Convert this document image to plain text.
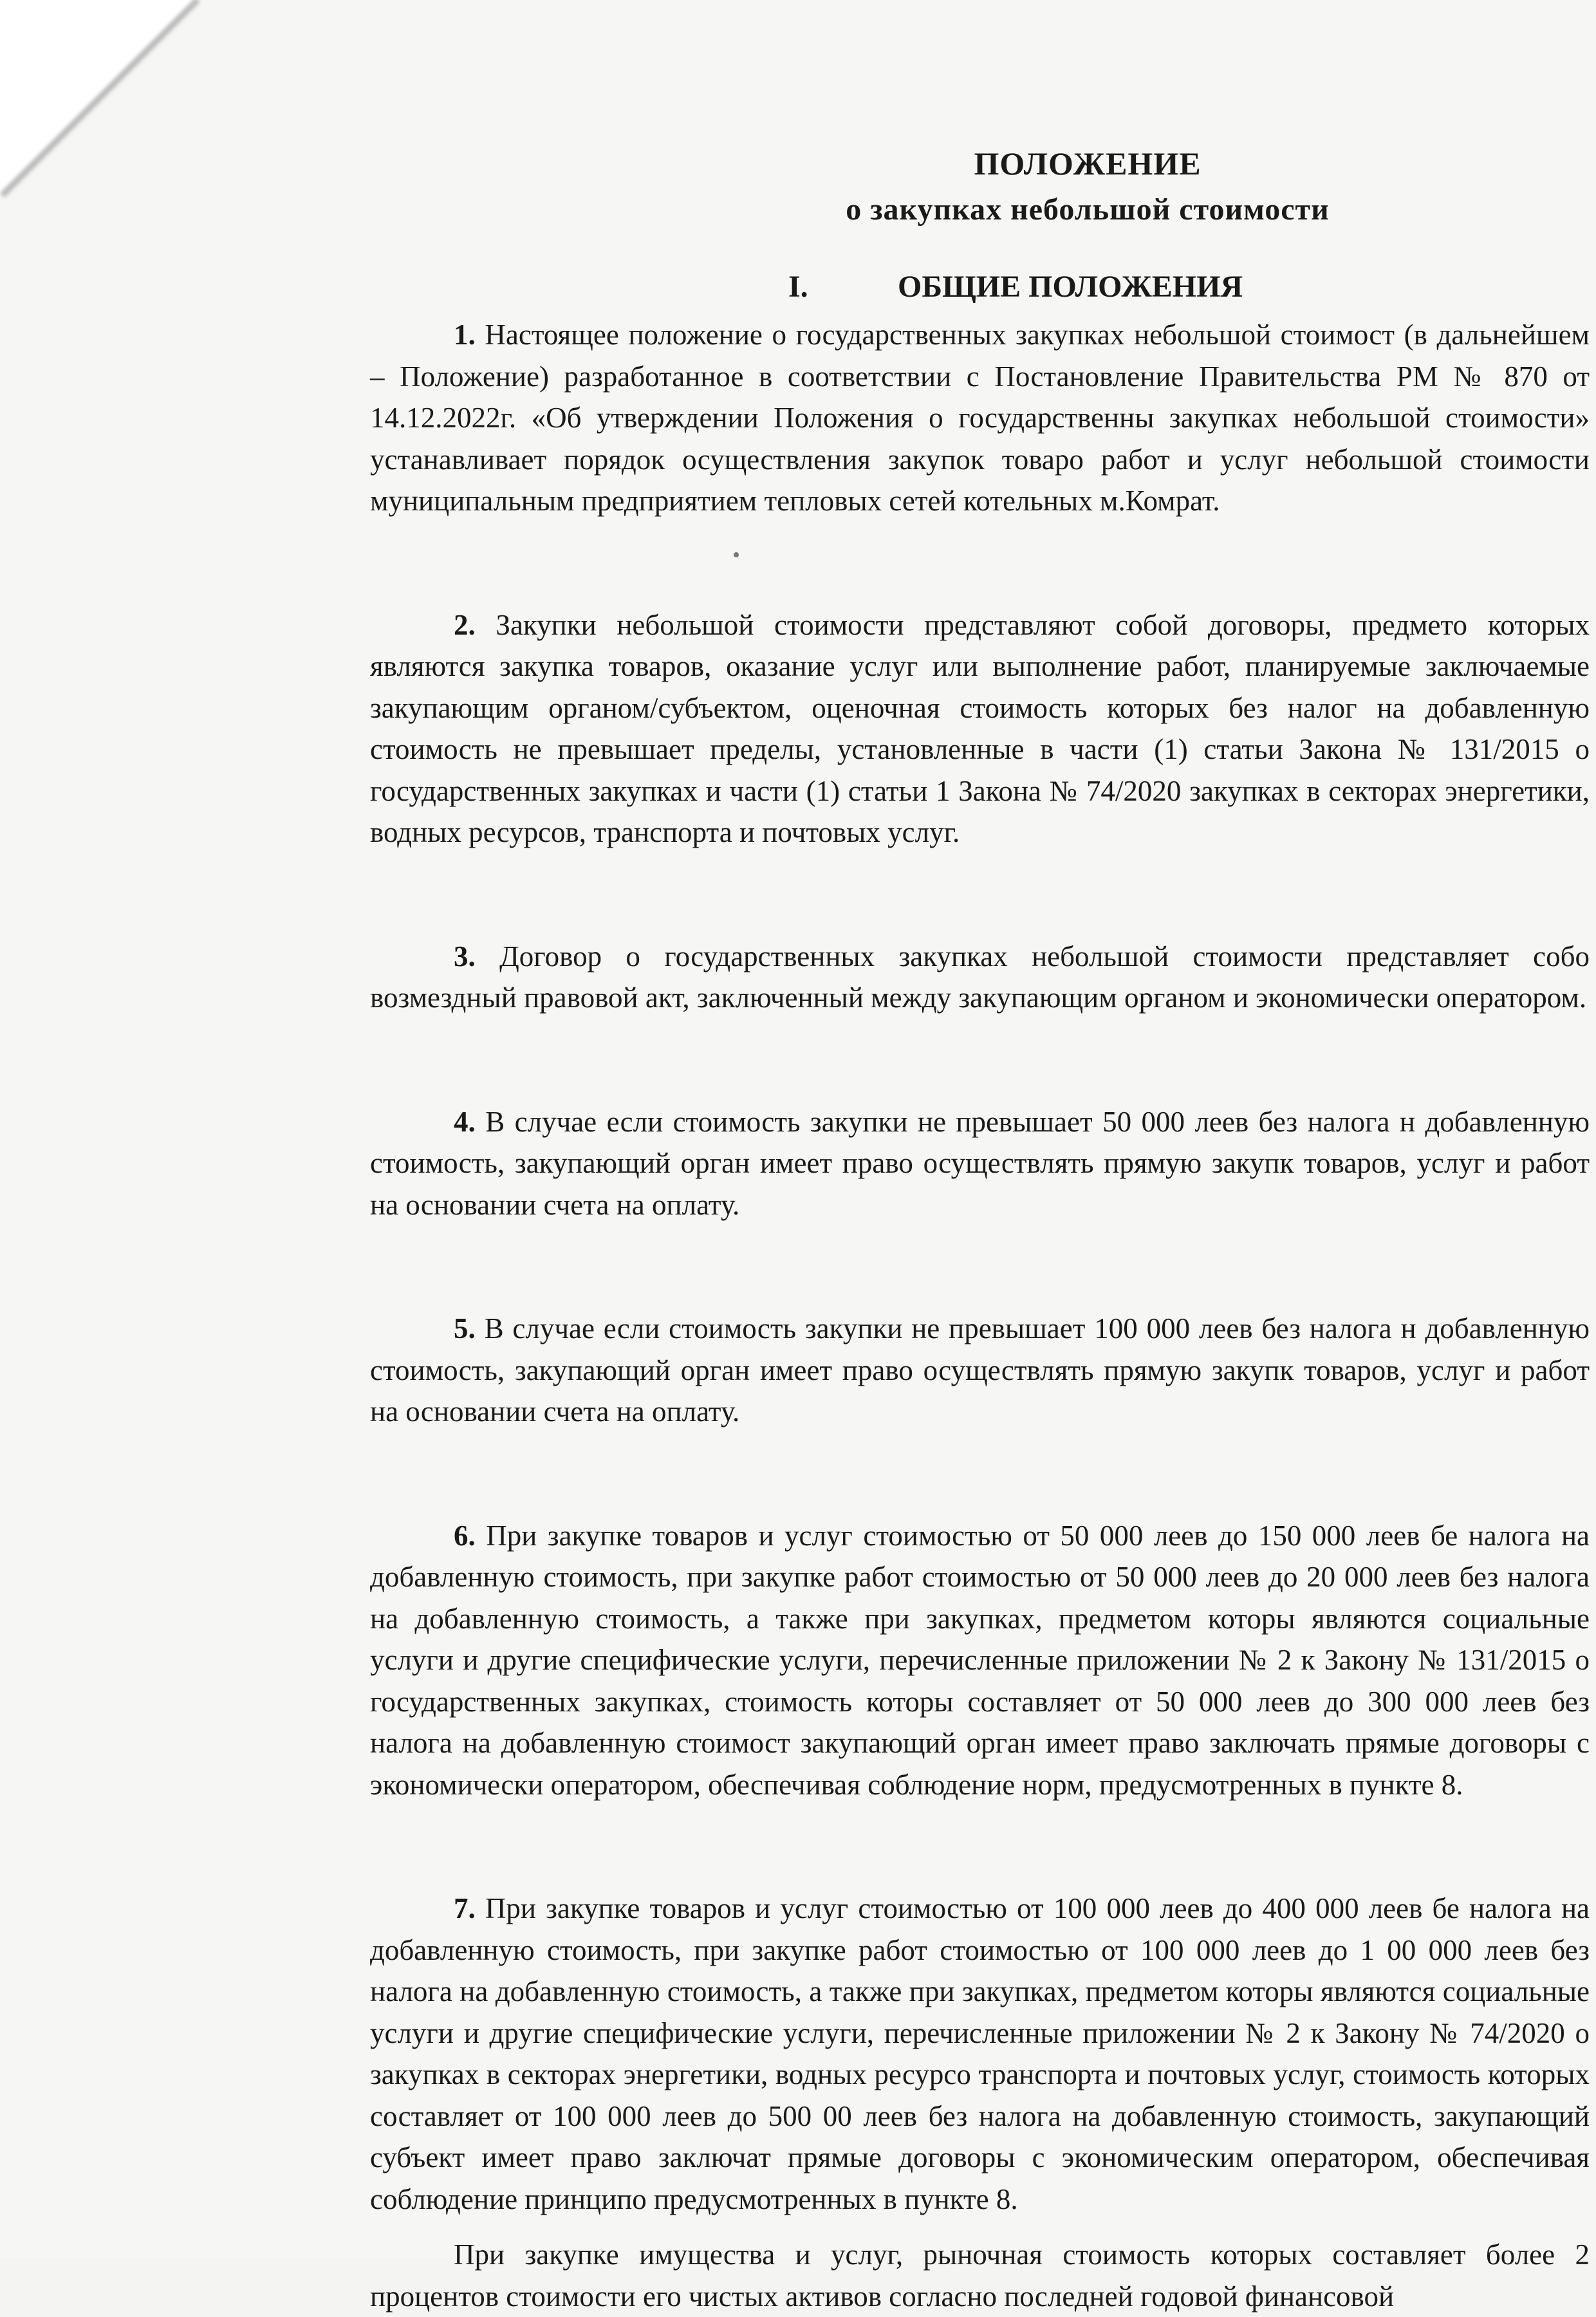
ПОЛОЖЕНИЕ
о закупках небольшой стоимости
I.	ОБЩИЕ ПОЛОЖЕНИЯ

1. Настоящее положение о государственных закупках небольшой стоимост (в дальнейшем – Положение) разработанное в соответствии с Постановление Правительства РМ № 870 от 14.12.2022г. «Об утверждении Положения о государственны закупках небольшой стоимости» устанавливает порядок осуществления закупок товаро работ и услуг небольшой стоимости муниципальным предприятием тепловых сетей котельных м.Комрат.

2. Закупки небольшой стоимости представляют собой договоры, предмето которых являются закупка товаров, оказание услуг или выполнение работ, планируемые заключаемые закупающим органом/субъектом, оценочная стоимость которых без налог на добавленную стоимость не превышает пределы, установленные в части (1) статьи Закона № 131/2015 о государственных закупках и части (1) статьи 1 Закона № 74/2020 закупках в секторах энергетики, водных ресурсов, транспорта и почтовых услуг.

3. Договор о государственных закупках небольшой стоимости представляет собо возмездный правовой акт, заключенный между закупающим органом и экономически оператором.

4. В случае если стоимость закупки не превышает 50 000 леев без налога н добавленную стоимость, закупающий орган имеет право осуществлять прямую закупк товаров, услуг и работ на основании счета на оплату.

5. В случае если стоимость закупки не превышает 100 000 леев без налога н добавленную стоимость, закупающий орган имеет право осуществлять прямую закупк товаров, услуг и работ на основании счета на оплату.

6. При закупке товаров и услуг стоимостью от 50 000 леев до 150 000 леев бе налога на добавленную стоимость, при закупке работ стоимостью от 50 000 леев до 20 000 леев без налога на добавленную стоимость, а также при закупках, предметом которы являются социальные услуги и другие специфические услуги, перечисленные приложении № 2 к Закону № 131/2015 о государственных закупках, стоимость которы составляет от 50 000 леев до 300 000 леев без налога на добавленную стоимост закупающий орган имеет право заключать прямые договоры с экономически оператором, обеспечивая соблюдение норм, предусмотренных в пункте 8.

7. При закупке товаров и услуг стоимостью от 100 000 леев до 400 000 леев бе налога на добавленную стоимость, при закупке работ стоимостью от 100 000 леев до 1 00 000 леев без налога на добавленную стоимость, а также при закупках, предметом которы являются социальные услуги и другие специфические услуги, перечисленные приложении № 2 к Закону № 74/2020 о закупках в секторах энергетики, водных ресурсо транспорта и почтовых услуг, стоимость которых составляет от 100 000 леев до 500 00 леев без налога на добавленную стоимость, закупающий субъект имеет право заключат прямые договоры с экономическим оператором, обеспечивая соблюдение принципо предусмотренных в пункте 8.

При закупке имущества и услуг, рыночная стоимость которых составляет более 2 процентов стоимости его чистых активов согласно последней годовой финансовой
